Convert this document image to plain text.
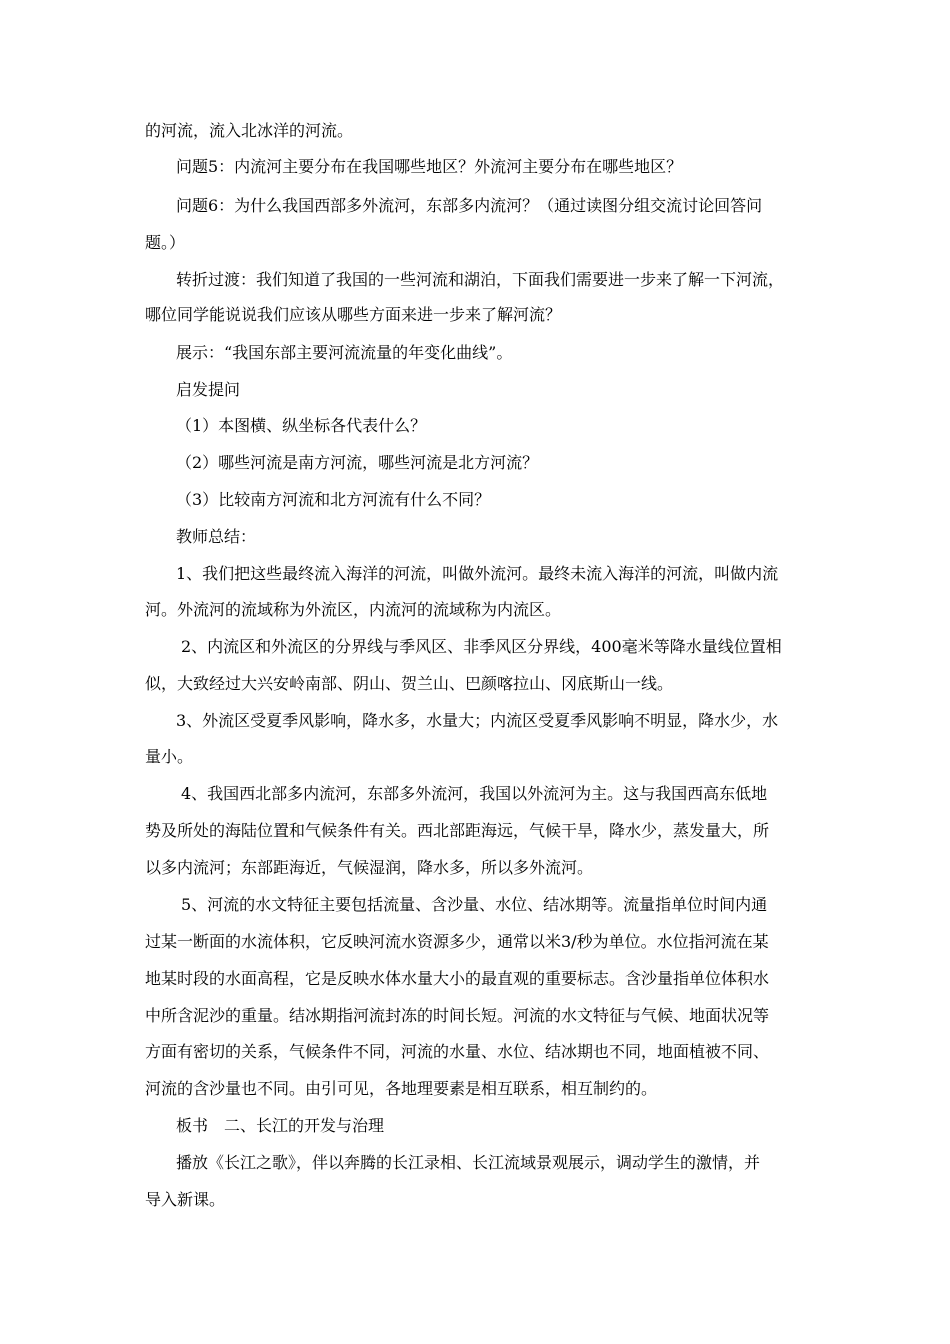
的河流，流入北冰洋的河流。
问题5：内流河主要分布在我国哪些地区？外流河主要分布在哪些地区？
问题6：为什么我国西部多外流河，东部多内流河？（通过读图分组交流讨论回答问
题。）
转折过渡：我们知道了我国的一些河流和湖泊，下面我们需要进一步来了解一下河流，
哪位同学能说说我们应该从哪些方面来进一步来了解河流？
展示：“我国东部主要河流流量的年变化曲线”。
启发提问
（1）本图横、纵坐标各代表什么？
（2）哪些河流是南方河流，哪些河流是北方河流？
（3）比较南方河流和北方河流有什么不同？
教师总结：
1、我们把这些最终流入海洋的河流，叫做外流河。最终未流入海洋的河流，叫做内流
河。外流河的流域称为外流区，内流河的流域称为内流区。
2、内流区和外流区的分界线与季风区、非季风区分界线，400毫米等降水量线位置相
似，大致经过大兴安岭南部、阴山、贺兰山、巴颜喀拉山、冈底斯山一线。
3、外流区受夏季风影响，降水多，水量大；内流区受夏季风影响不明显，降水少，水
量小。
4、我国西北部多内流河，东部多外流河，我国以外流河为主。这与我国西高东低地
势及所处的海陆位置和气候条件有关。西北部距海远，气候干旱，降水少，蒸发量大，所
以多内流河；东部距海近，气候湿润，降水多，所以多外流河。
5、河流的水文特征主要包括流量、含沙量、水位、结冰期等。流量指单位时间内通
过某一断面的水流体积，它反映河流水资源多少，通常以米3/秒为单位。水位指河流在某
地某时段的水面高程，它是反映水体水量大小的最直观的重要标志。含沙量指单位体积水
中所含泥沙的重量。结冰期指河流封冻的时间长短。河流的水文特征与气候、地面状况等
方面有密切的关系，气候条件不同，河流的水量、水位、结冰期也不同，地面植被不同、
河流的含沙量也不同。由引可见，各地理要素是相互联系，相互制约的。
板书　二、长江的开发与治理
播放《长江之歌》，伴以奔腾的长江录相、长江流域景观展示，调动学生的激情，并
导入新课。
